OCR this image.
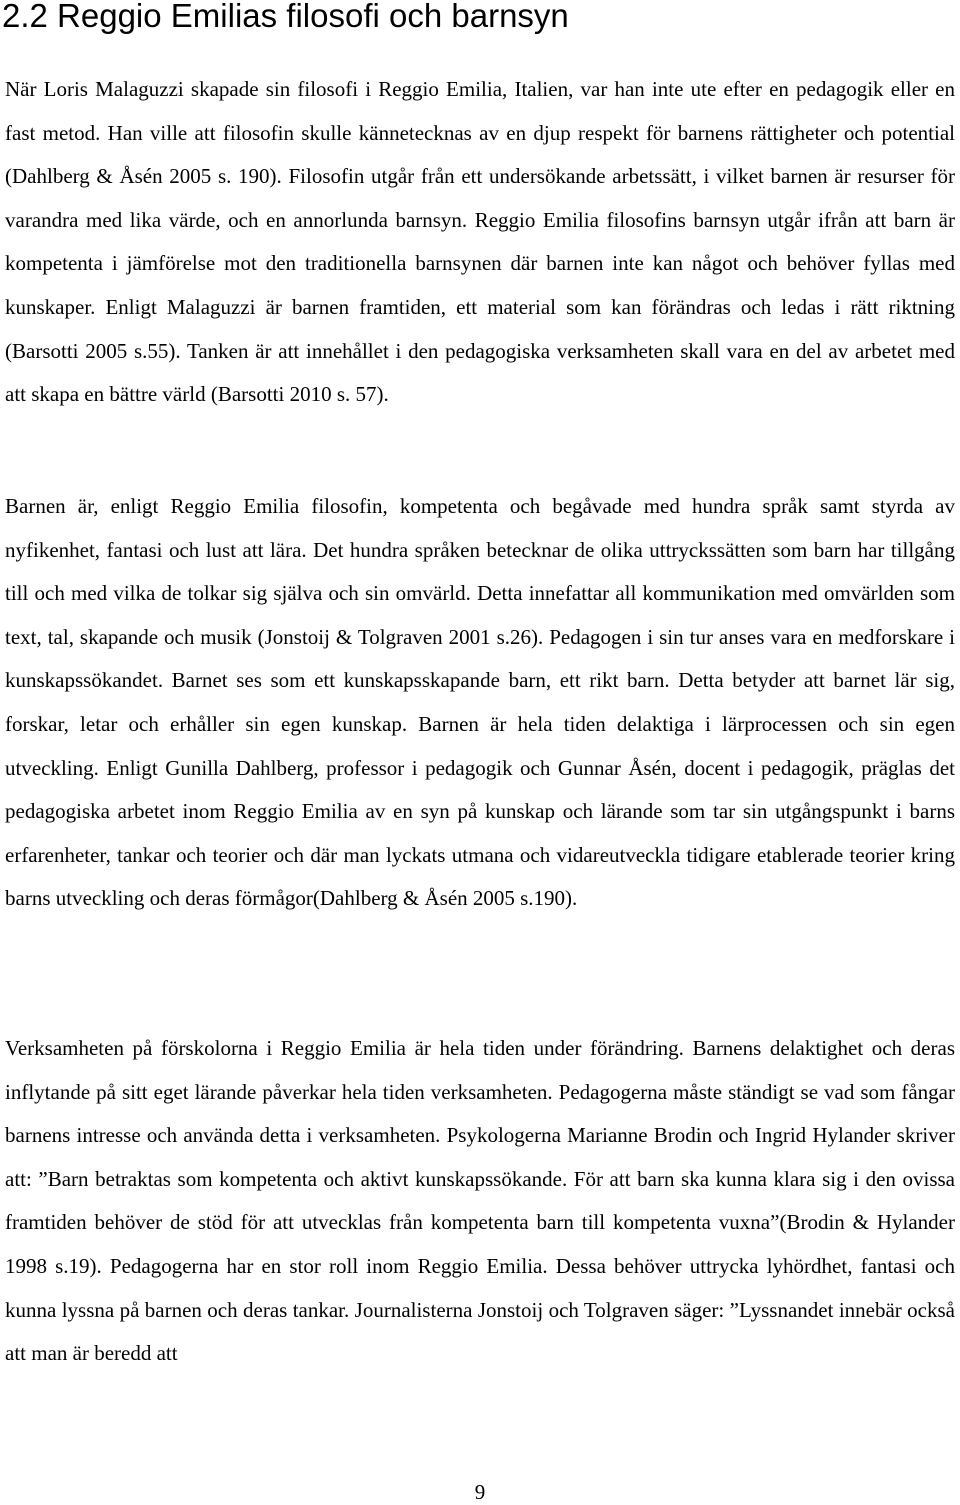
2.2 Reggio Emilias filosofi och barnsyn

När Loris Malaguzzi skapade sin filosofi i Reggio Emilia, Italien, var han inte ute efter en pedagogik eller en fast metod. Han ville att filosofin skulle kännetecknas av en djup respekt för barnens rättigheter och potential (Dahlberg & Åsén 2005 s. 190). Filosofin utgår från ett undersökande arbetssätt, i vilket barnen är resurser för varandra med lika värde, och en annorlunda barnsyn. Reggio Emilia filosofins barnsyn utgår ifrån att barn är kompetenta i jämförelse mot den traditionella barnsynen där barnen inte kan något och behöver fyllas med kunskaper. Enligt Malaguzzi är barnen framtiden, ett material som kan förändras och ledas i rätt riktning (Barsotti 2005 s.55). Tanken är att innehållet i den pedagogiska verksamheten skall vara en del av arbetet med att skapa en bättre värld (Barsotti 2010 s. 57).

Barnen är, enligt Reggio Emilia filosofin, kompetenta och begåvade med hundra språk samt styrda av nyfikenhet, fantasi och lust att lära. Det hundra språken betecknar de olika uttryckssätten som barn har tillgång till och med vilka de tolkar sig själva och sin omvärld. Detta innefattar all kommunikation med omvärlden som text, tal, skapande och musik (Jonstoij & Tolgraven 2001 s.26). Pedagogen i sin tur anses vara en medforskare i kunskapssökandet. Barnet ses som ett kunskapsskapande barn, ett rikt barn. Detta betyder att barnet lär sig, forskar, letar och erhåller sin egen kunskap. Barnen är hela tiden delaktiga i lärprocessen och sin egen utveckling. Enligt Gunilla Dahlberg, professor i pedagogik och Gunnar Åsén, docent i pedagogik, präglas det pedagogiska arbetet inom Reggio Emilia av en syn på kunskap och lärande som tar sin utgångspunkt i barns erfarenheter, tankar och teorier och där man lyckats utmana och vidareutveckla tidigare etablerade teorier kring barns utveckling och deras förmågor(Dahlberg & Åsén 2005 s.190).

Verksamheten på förskolorna i Reggio Emilia är hela tiden under förändring. Barnens delaktighet och deras inflytande på sitt eget lärande påverkar hela tiden verksamheten. Pedagogerna måste ständigt se vad som fångar barnens intresse och använda detta i verksamheten. Psykologerna Marianne Brodin och Ingrid Hylander skriver att: ”Barn betraktas som kompetenta och aktivt kunskapssökande. För att barn ska kunna klara sig i den ovissa framtiden behöver de stöd för att utvecklas från kompetenta barn till kompetenta vuxna”(Brodin & Hylander 1998 s.19). Pedagogerna har en stor roll inom Reggio Emilia. Dessa behöver uttrycka lyhördhet, fantasi och kunna lyssna på barnen och deras tankar. Journalisterna Jonstoij och Tolgraven säger: ”Lyssnandet innebär också att man är beredd att

9
